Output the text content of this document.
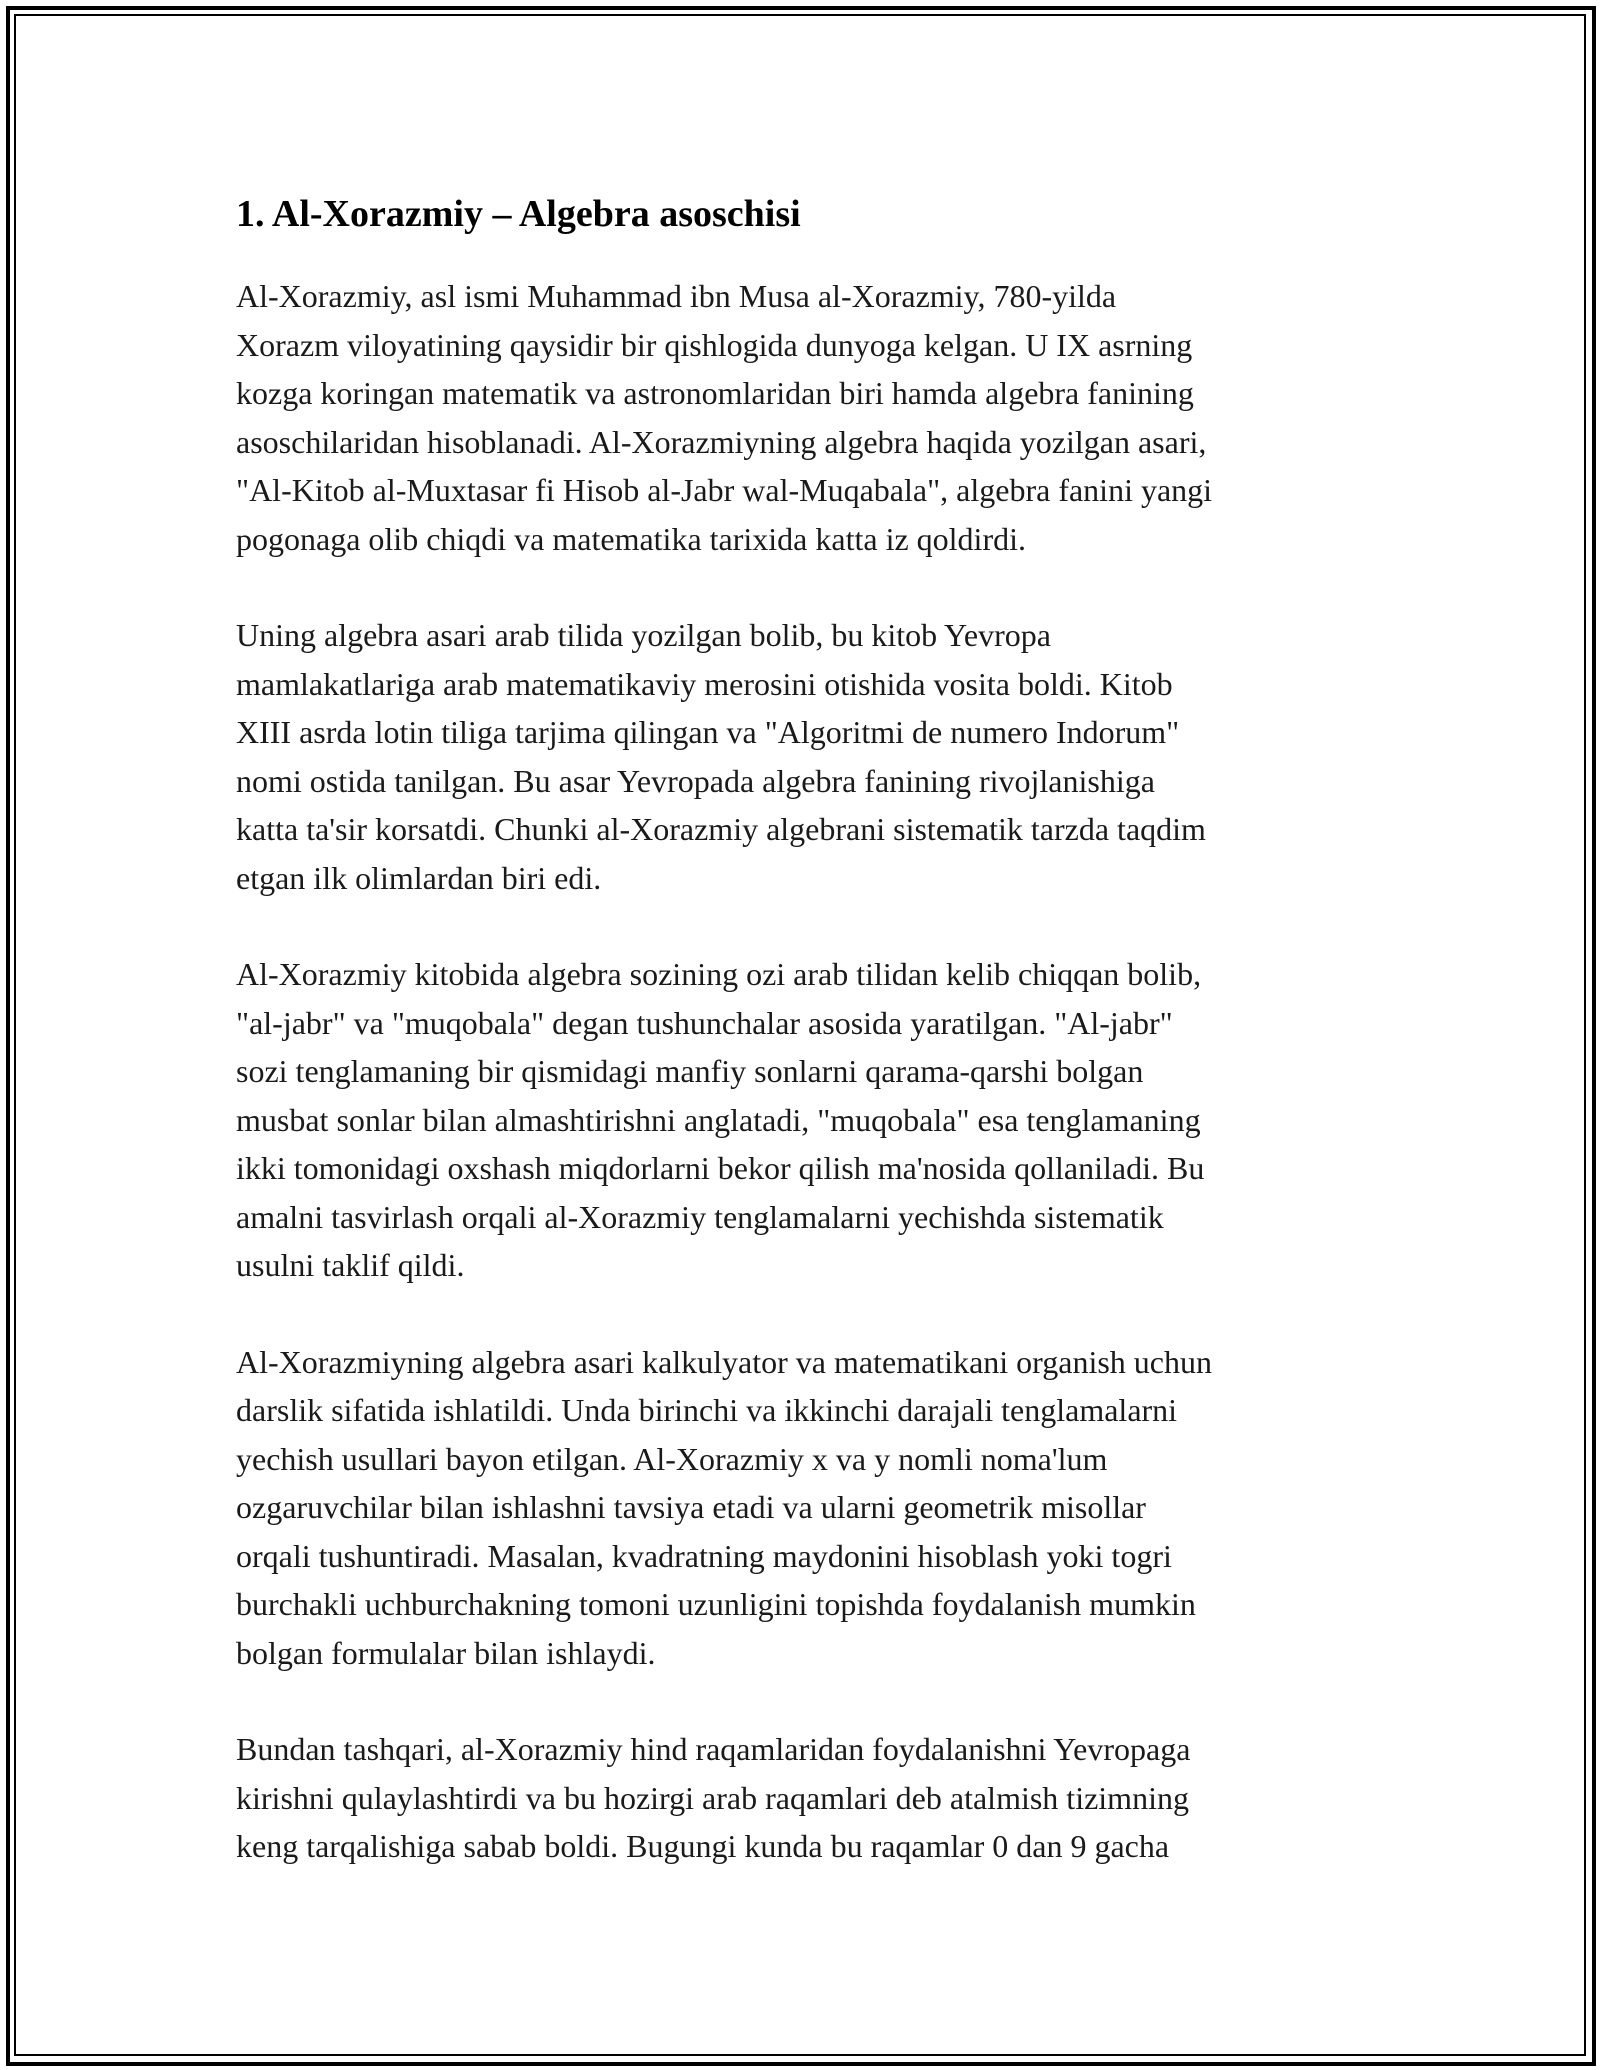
1. Al-Xorazmiy – Algebra asoschisi

Al-Xorazmiy, asl ismi Muhammad ibn Musa al-Xorazmiy, 780-yilda
Xorazm viloyatining qaysidir bir qishlogida dunyoga kelgan. U IX asrning
kozga koringan matematik va astronomlaridan biri hamda algebra fanining
asoschilaridan hisoblanadi. Al-Xorazmiyning algebra haqida yozilgan asari,
"Al-Kitob al-Muxtasar fi Hisob al-Jabr wal-Muqabala", algebra fanini yangi
pogonaga olib chiqdi va matematika tarixida katta iz qoldirdi.

Uning algebra asari arab tilida yozilgan bolib, bu kitob Yevropa
mamlakatlariga arab matematikaviy merosini otishida vosita boldi. Kitob
XIII asrda lotin tiliga tarjima qilingan va "Algoritmi de numero Indorum"
nomi ostida tanilgan. Bu asar Yevropada algebra fanining rivojlanishiga
katta ta'sir korsatdi. Chunki al-Xorazmiy algebrani sistematik tarzda taqdim
etgan ilk olimlardan biri edi.

Al-Xorazmiy kitobida algebra sozining ozi arab tilidan kelib chiqqan bolib,
"al-jabr" va "muqobala" degan tushunchalar asosida yaratilgan. "Al-jabr"
sozi tenglamaning bir qismidagi manfiy sonlarni qarama-qarshi bolgan
musbat sonlar bilan almashtirishni anglatadi, "muqobala" esa tenglamaning
ikki tomonidagi oxshash miqdorlarni bekor qilish ma'nosida qollaniladi. Bu
amalni tasvirlash orqali al-Xorazmiy tenglamalarni yechishda sistematik
usulni taklif qildi.

Al-Xorazmiyning algebra asari kalkulyator va matematikani organish uchun
darslik sifatida ishlatildi. Unda birinchi va ikkinchi darajali tenglamalarni
yechish usullari bayon etilgan. Al-Xorazmiy x va y nomli noma'lum
ozgaruvchilar bilan ishlashni tavsiya etadi va ularni geometrik misollar
orqali tushuntiradi. Masalan, kvadratning maydonini hisoblash yoki togri
burchakli uchburchakning tomoni uzunligini topishda foydalanish mumkin
bolgan formulalar bilan ishlaydi.

Bundan tashqari, al-Xorazmiy hind raqamlaridan foydalanishni Yevropaga
kirishni qulaylashtirdi va bu hozirgi arab raqamlari deb atalmish tizimning
keng tarqalishiga sabab boldi. Bugungi kunda bu raqamlar 0 dan 9 gacha
